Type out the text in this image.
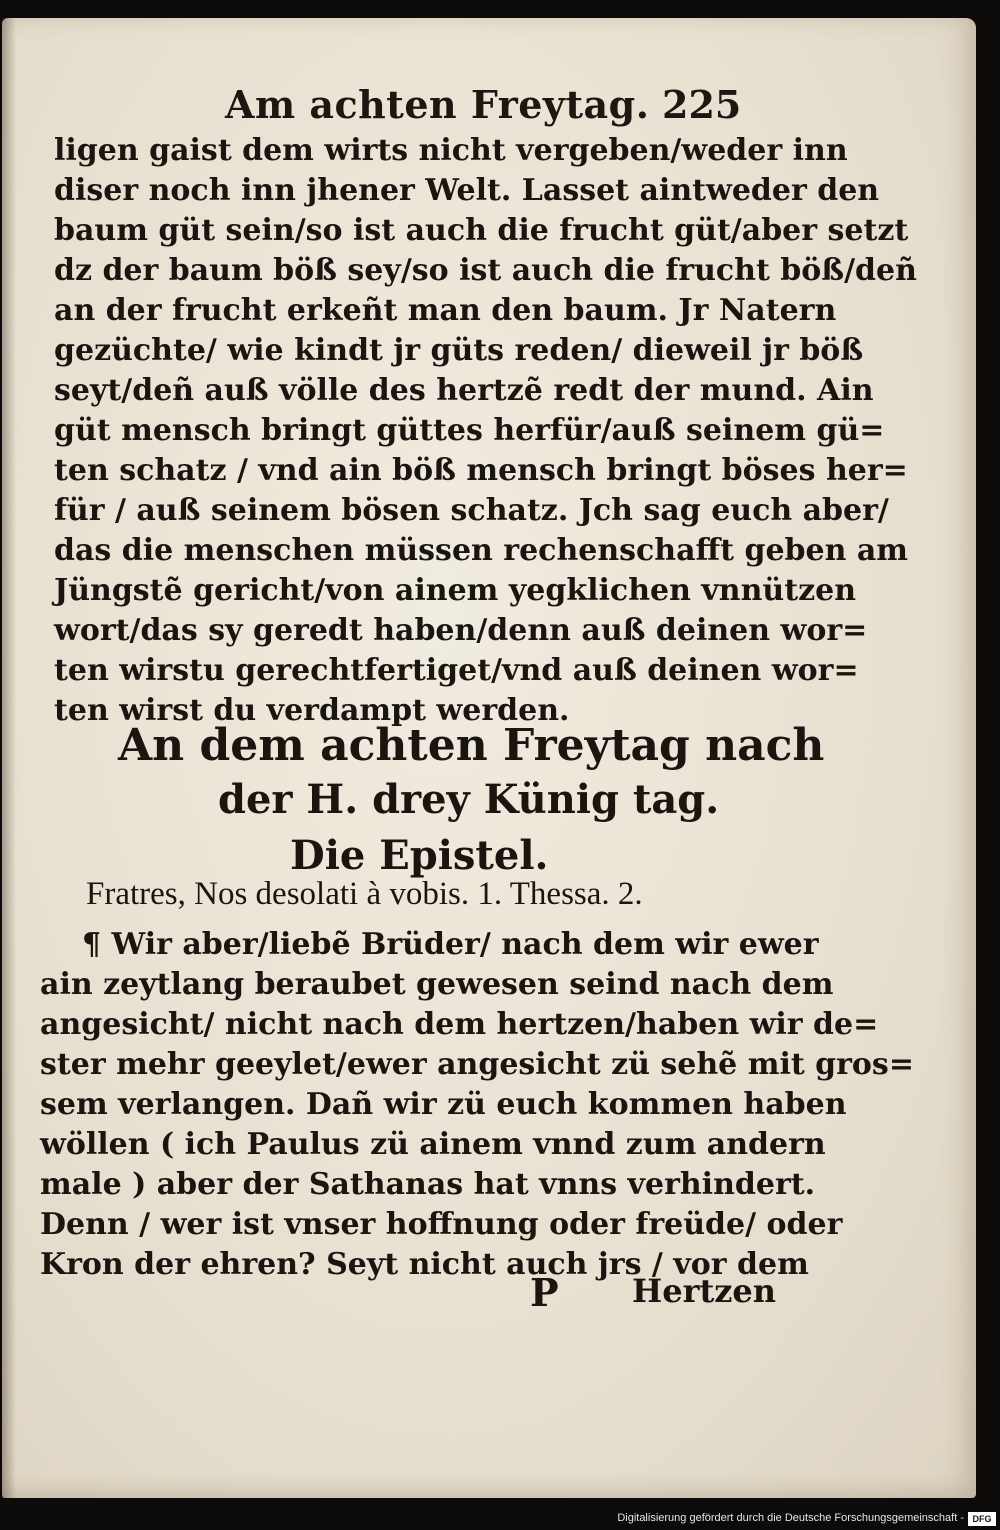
Am achten Freytag. 225
ligen gaist dem wirts nicht vergeben/weder inn
diser noch inn jhener Welt. Lasset aintweder den
baum güt sein/so ist auch die frucht güt/aber setzt
dz der baum böß sey/so ist auch die frucht böß/deñ
an der frucht erkeñt man den baum. Jr Natern
gezüchte/ wie kindt jr güts reden/ dieweil jr böß
seyt/deñ auß völle des hertzẽ redt der mund. Ain
güt mensch bringt güttes herfür/auß seinem gü=
ten schatz / vnd ain böß mensch bringt böses her=
für / auß seinem bösen schatz. Jch sag euch aber/
das die menschen müssen rechenschafft geben am
Jüngstẽ gericht/von ainem yegklichen vnnützen
wort/das sy geredt haben/denn auß deinen wor=
ten wirstu gerechtfertiget/vnd auß deinen wor=
ten wirst du verdampt werden.
An dem achten Freytag nach
der H. drey Künig tag.
Die Epistel.
Fratres, Nos desolati à vobis. 1. Thessa. 2.
¶ Wir aber/liebẽ Brüder/ nach dem wir ewer
ain zeytlang beraubet gewesen seind nach dem
angesicht/ nicht nach dem hertzen/haben wir de=
ster mehr geeylet/ewer angesicht zü sehẽ mit gros=
sem verlangen. Dañ wir zü euch kommen haben
wöllen ( ich Paulus zü ainem vnnd zum andern
male ) aber der Sathanas hat vnns verhindert.
Denn / wer ist vnser hoffnung oder freüde/ oder
Kron der ehren? Seyt nicht auch jrs / vor dem
P Hertzen
Digitalisierung gefördert durch die Deutsche Forschungsgemeinschaft - DFG
